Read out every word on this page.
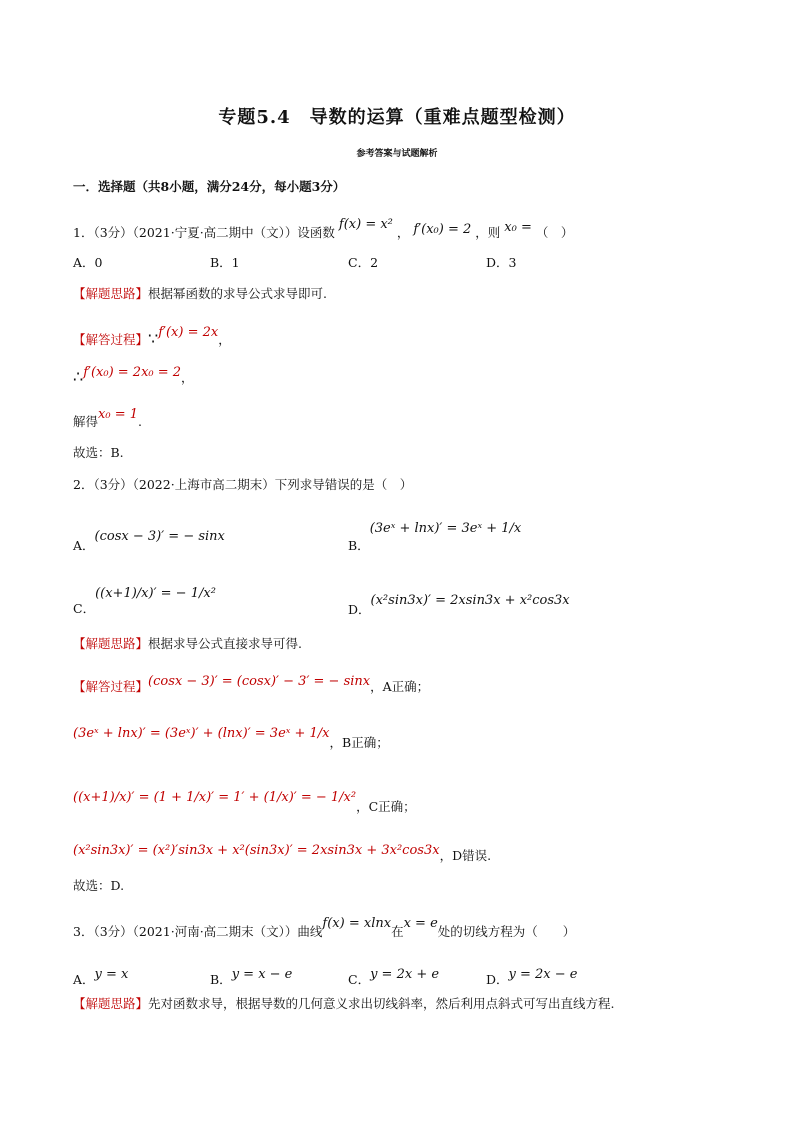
专题5.4　导数的运算（重难点题型检测）
参考答案与试题解析
一．选择题（共8小题，满分24分，每小题3分）
1．（3分）（2021·宁夏·高二期中（文））设函数 f(x) = x² ， f′(x₀) = 2 ，则 x₀ = （　）
A．0	B．1	C．2	D．3
【解题思路】根据幂函数的求导公式求导即可.
【解答过程】∵f′(x) = 2x，
∴f′(x₀) = 2x₀ = 2，
解得x₀ = 1.
故选：B.
2．（3分）（2022·上海市高二期末）下列求导错误的是（　）
A．(cosx − 3)′ = − sinx
B．(3eˣ + lnx)′ = 3eˣ + 1/x
C．((x+1)/x)′ = − 1/x²
D．(x²sin3x)′ = 2xsin3x + x²cos3x
【解题思路】根据求导公式直接求导可得.
【解答过程】(cosx − 3)′ = (cosx)′ − 3′ = − sinx，A正确；
(3eˣ + lnx)′ = (3eˣ)′ + (lnx)′ = 3eˣ + 1/x，B正确；
((x+1)/x)′ = (1 + 1/x)′ = 1′ + (1/x)′ = − 1/x²，C正确；
(x²sin3x)′ = (x²)′sin3x + x²(sin3x)′ = 2xsin3x + 3x²cos3x，D错误.
故选：D.
3．（3分）（2021·河南·高二期末（文））曲线f(x) = xlnx在x = e处的切线方程为（　　）
A．y = x	B．y = x − e	C．y = 2x + e	D．y = 2x − e
【解题思路】先对函数求导，根据导数的几何意义求出切线斜率，然后利用点斜式可写出直线方程.
